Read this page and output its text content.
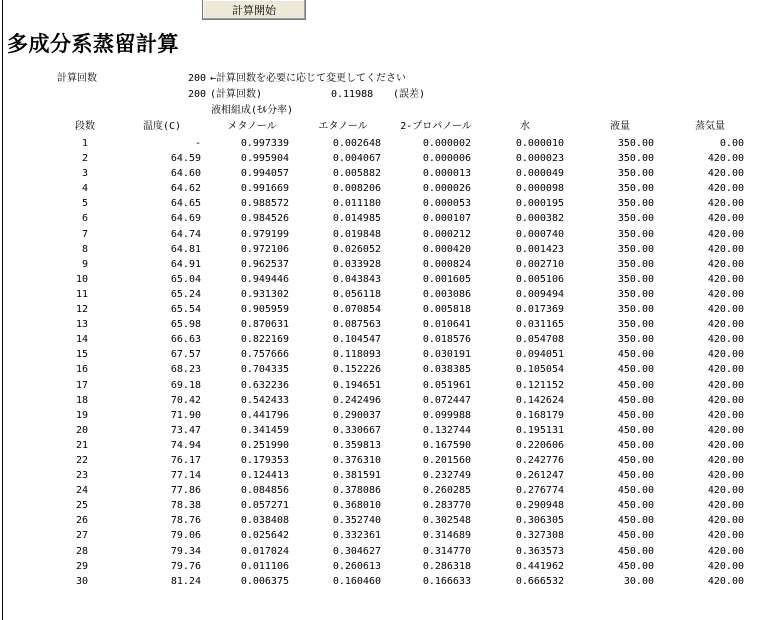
計算開始
多成分系蒸留計算
計算回数	200 ←計算回数を必要に応じて変更してください
200 (計算回数)	0.11988 (誤差)
液相組成(ﾓﾙ分率)
段数	温度(C)	メタノール	エタノール	2-プロパノール	水	液量	蒸気量
1	-	0.997339	0.002648	0.000002	0.000010	350.00	0.00
2	64.59	0.995904	0.004067	0.000006	0.000023	350.00	420.00
3	64.60	0.994057	0.005882	0.000013	0.000049	350.00	420.00
4	64.62	0.991669	0.008206	0.000026	0.000098	350.00	420.00
5	64.65	0.988572	0.011180	0.000053	0.000195	350.00	420.00
6	64.69	0.984526	0.014985	0.000107	0.000382	350.00	420.00
7	64.74	0.979199	0.019848	0.000212	0.000740	350.00	420.00
8	64.81	0.972106	0.026052	0.000420	0.001423	350.00	420.00
9	64.91	0.962537	0.033928	0.000824	0.002710	350.00	420.00
10	65.04	0.949446	0.043843	0.001605	0.005106	350.00	420.00
11	65.24	0.931302	0.056118	0.003086	0.009494	350.00	420.00
12	65.54	0.905959	0.070854	0.005818	0.017369	350.00	420.00
13	65.98	0.870631	0.087563	0.010641	0.031165	350.00	420.00
14	66.63	0.822169	0.104547	0.018576	0.054708	350.00	420.00
15	67.57	0.757666	0.118093	0.030191	0.094051	450.00	420.00
16	68.23	0.704335	0.152226	0.038385	0.105054	450.00	420.00
17	69.18	0.632236	0.194651	0.051961	0.121152	450.00	420.00
18	70.42	0.542433	0.242496	0.072447	0.142624	450.00	420.00
19	71.90	0.441796	0.290037	0.099988	0.168179	450.00	420.00
20	73.47	0.341459	0.330667	0.132744	0.195131	450.00	420.00
21	74.94	0.251990	0.359813	0.167590	0.220606	450.00	420.00
22	76.17	0.179353	0.376310	0.201560	0.242776	450.00	420.00
23	77.14	0.124413	0.381591	0.232749	0.261247	450.00	420.00
24	77.86	0.084856	0.378086	0.260285	0.276774	450.00	420.00
25	78.38	0.057271	0.368010	0.283770	0.290948	450.00	420.00
26	78.76	0.038408	0.352740	0.302548	0.306305	450.00	420.00
27	79.06	0.025642	0.332361	0.314689	0.327308	450.00	420.00
28	79.34	0.017024	0.304627	0.314770	0.363573	450.00	420.00
29	79.76	0.011106	0.260613	0.286318	0.441962	450.00	420.00
30	81.24	0.006375	0.160460	0.166633	0.666532	30.00	420.00
